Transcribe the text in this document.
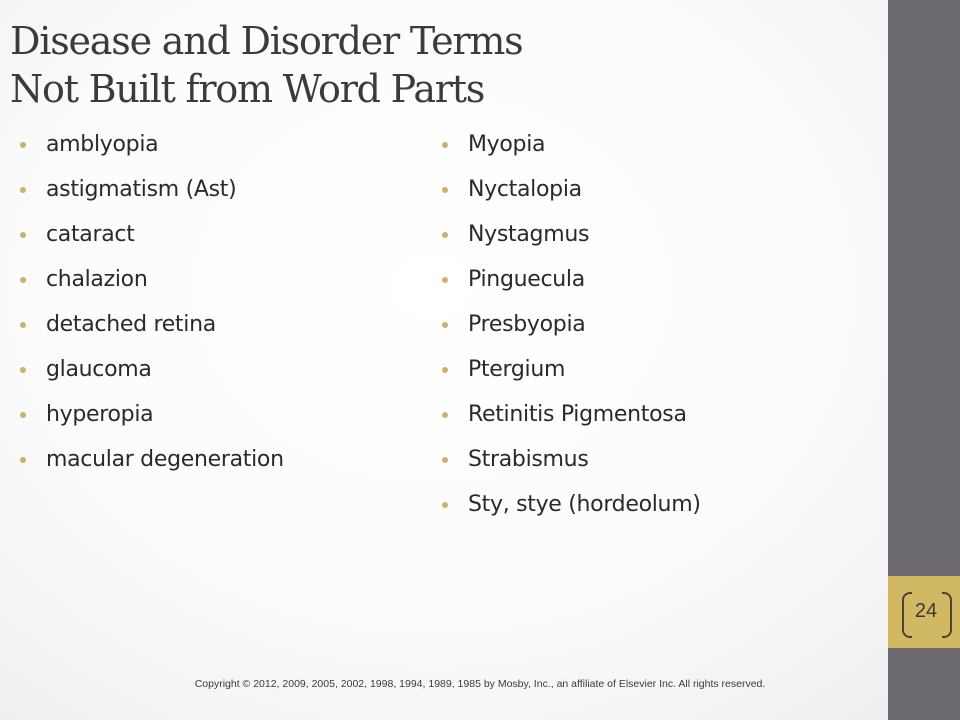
24
Disease and Disorder Terms
Not Built from Word Parts
amblyopia
astigmatism (Ast)
cataract
chalazion
detached retina
glaucoma
hyperopia
macular degeneration
Myopia
Nyctalopia
Nystagmus
Pinguecula
Presbyopia
Ptergium
Retinitis Pigmentosa
Strabismus
Sty, stye (hordeolum)
Copyright © 2012, 2009, 2005, 2002, 1998, 1994, 1989, 1985 by Mosby, Inc., an affiliate of Elsevier Inc. All rights reserved.
